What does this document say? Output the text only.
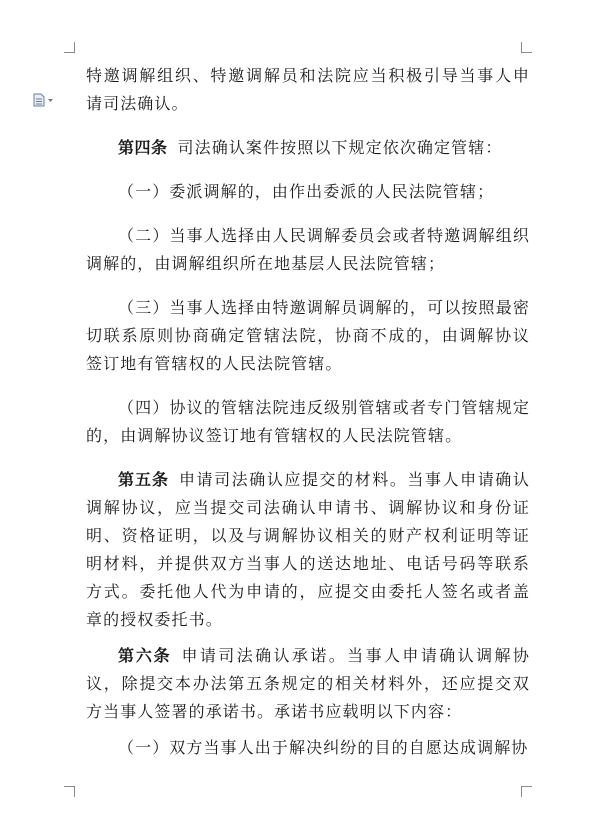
特邀调解组织、特邀调解员和法院应当积极引导当事人申请司法确认。

第四条 司法确认案件按照以下规定依次确定管辖：

（一）委派调解的，由作出委派的人民法院管辖；

（二）当事人选择由人民调解委员会或者特邀调解组织调解的，由调解组织所在地基层人民法院管辖；

（三）当事人选择由特邀调解员调解的，可以按照最密切联系原则协商确定管辖法院，协商不成的，由调解协议签订地有管辖权的人民法院管辖。

（四）协议的管辖法院违反级别管辖或者专门管辖规定的，由调解协议签订地有管辖权的人民法院管辖。

第五条 申请司法确认应提交的材料。当事人申请确认调解协议，应当提交司法确认申请书、调解协议和身份证明、资格证明，以及与调解协议相关的财产权利证明等证明材料，并提供双方当事人的送达地址、电话号码等联系方式。委托他人代为申请的，应提交由委托人签名或者盖章的授权委托书。

第六条 申请司法确认承诺。当事人申请确认调解协议，除提交本办法第五条规定的相关材料外，还应提交双方当事人签署的承诺书。承诺书应载明以下内容：

（一）双方当事人出于解决纠纷的目的自愿达成调解协
